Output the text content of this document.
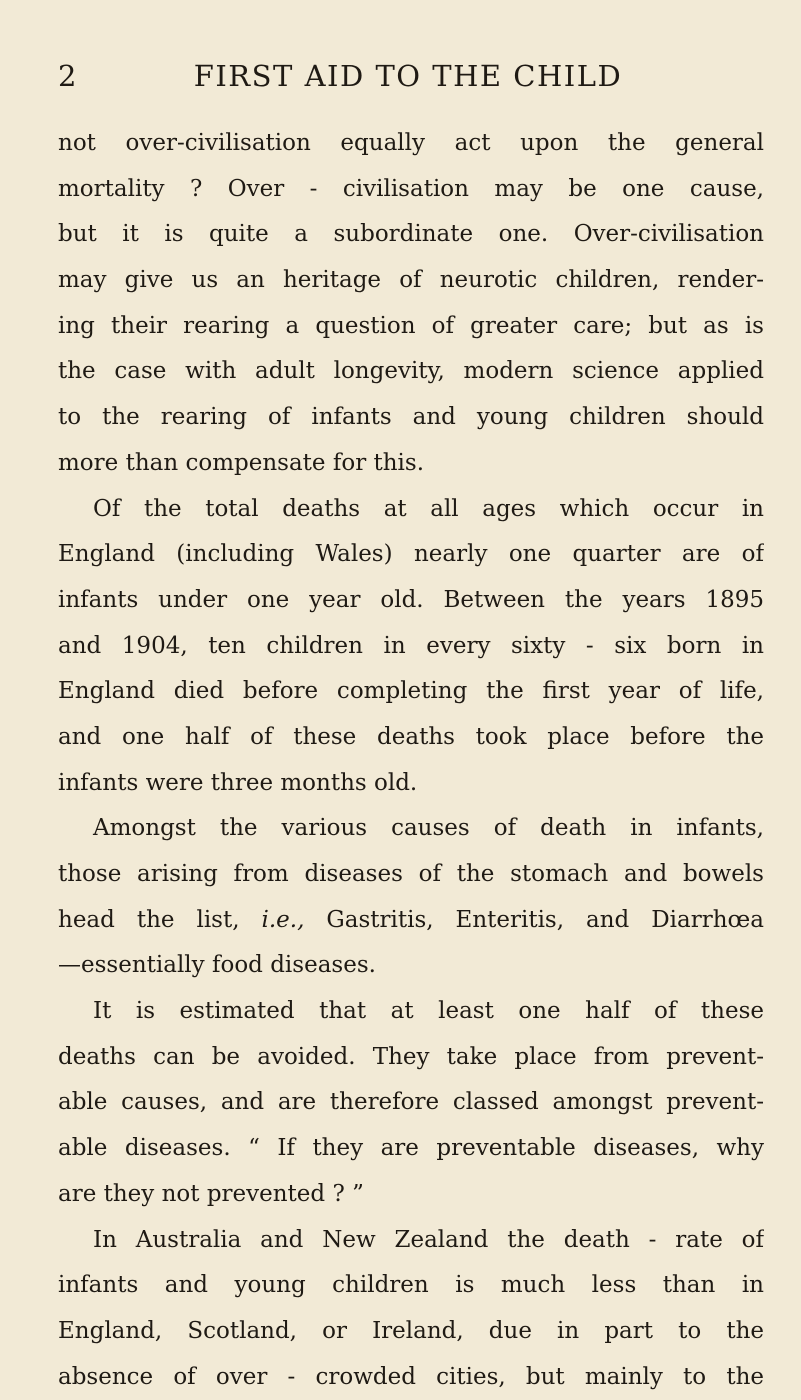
2	FIRST AID TO THE CHILD
not over-civilisation equally act upon the general
mortality ? Over - civilisation may be one cause,
but it is quite a subordinate one. Over-civilisation
may give us an heritage of neurotic children, render-
ing their rearing a question of greater care; but as is
the case with adult longevity, modern science applied
to the rearing of infants and young children should
more than compensate for this.
Of the total deaths at all ages which occur in
England (including Wales) nearly one quarter are of
infants under one year old. Between the years 1895
and 1904, ten children in every sixty - six born in
England died before completing the first year of life,
and one half of these deaths took place before the
infants were three months old.
Amongst the various causes of death in infants,
those arising from diseases of the stomach and bowels
head the list, i.e., Gastritis, Enteritis, and Diarrhœa
—essentially food diseases.
It is estimated that at least one half of these
deaths can be avoided. They take place from prevent-
able causes, and are therefore classed amongst prevent-
able diseases. “ If they are preventable diseases, why
are they not prevented ? ”
In Australia and New Zealand the death - rate of
infants and young children is much less than in
England, Scotland, or Ireland, due in part to the
absence of over - crowded cities, but mainly to the
